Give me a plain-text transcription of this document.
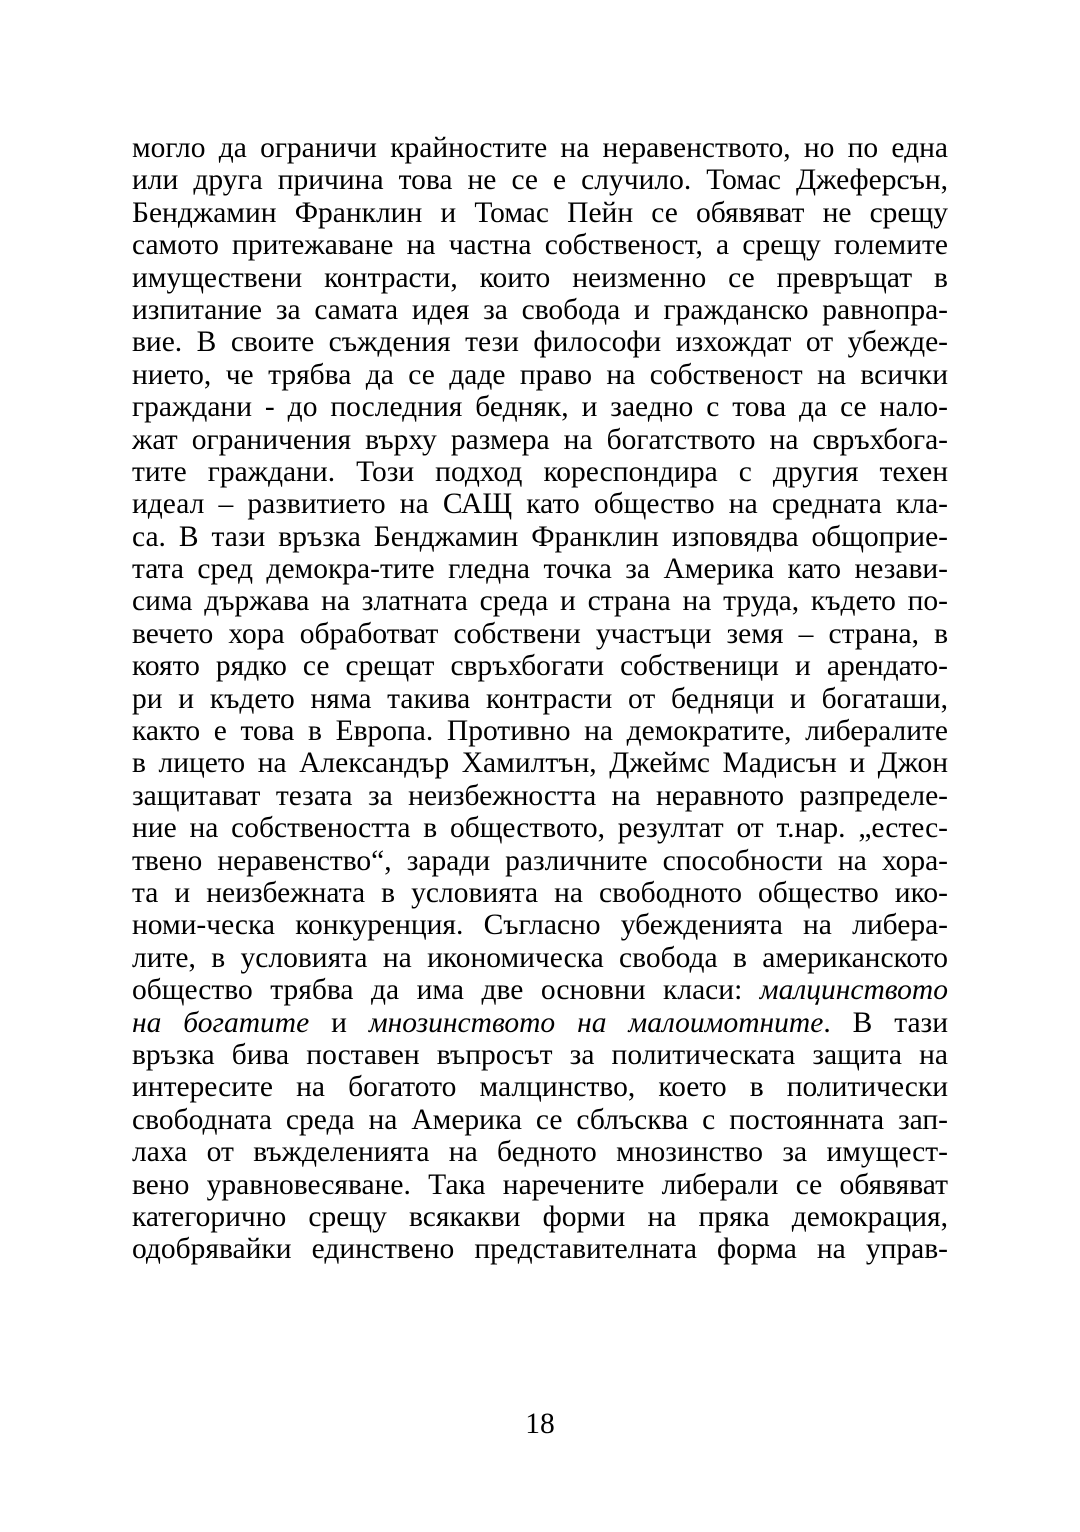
могло да ограничи крайностите на неравенството, но по една
или друга причина това не се е случило. Томас Джеферсън,
Бенджамин Франклин и Томас Пейн се обявяват не срещу
самото притежаване на частна собственост, а срещу големите
имуществени контрасти, които неизменно се превръщат в
изпитание за самата идея за свобода и гражданско равнопра-
вие. В своите съждения тези философи изхождат от убежде-
нието, че трябва да се даде право на собственост на всички
граждани - до последния бедняк, и заедно с това да се нало-
жат ограничения върху размера на богатството на свръхбога-
тите граждани. Този подход кореспондира с другия техен
идеал – развитието на САЩ като общество на средната кла-
са. В тази връзка Бенджамин Франклин изповядва общоприе-
тата сред демокра-тите гледна точка за Америка като незави-
сима държава на златната среда и страна на труда, където по-
вечето хора обработват собствени участъци земя – страна, в
която рядко се срещат свръхбогати собственици и арендато-
ри и където няма такива контрасти от бедняци и богаташи,
както е това в Европа. Противно на демократите, либералите
в лицето на Александър Хамилтън, Джеймс Мадисън и Джон
защитават тезата за неизбежността на неравното разпределе-
ние на собствеността в обществото, резултат от т.нар. „естес-
твено неравенство“, заради различните способности на хора-
та и неизбежната в условията на свободното общество ико-
номи-ческа конкуренция. Съгласно убежденията на либера-
лите, в условията на икономическа свобода в американското
общество трябва да има две основни класи: малцинството
на богатите и мнозинството на малоимотните. В тази
връзка бива поставен въпросът за политическата защита на
интересите на богатото малцинство, което в политически
свободната среда на Америка се сблъсква с постоянната зап-
лаха от въжделенията на бедното мнозинство за имущест-
вено уравновесяване. Така наречените либерали се обявяват
категорично срещу всякакви форми на пряка демокрация,
одобрявайки единствено представителната форма на управ-
18
